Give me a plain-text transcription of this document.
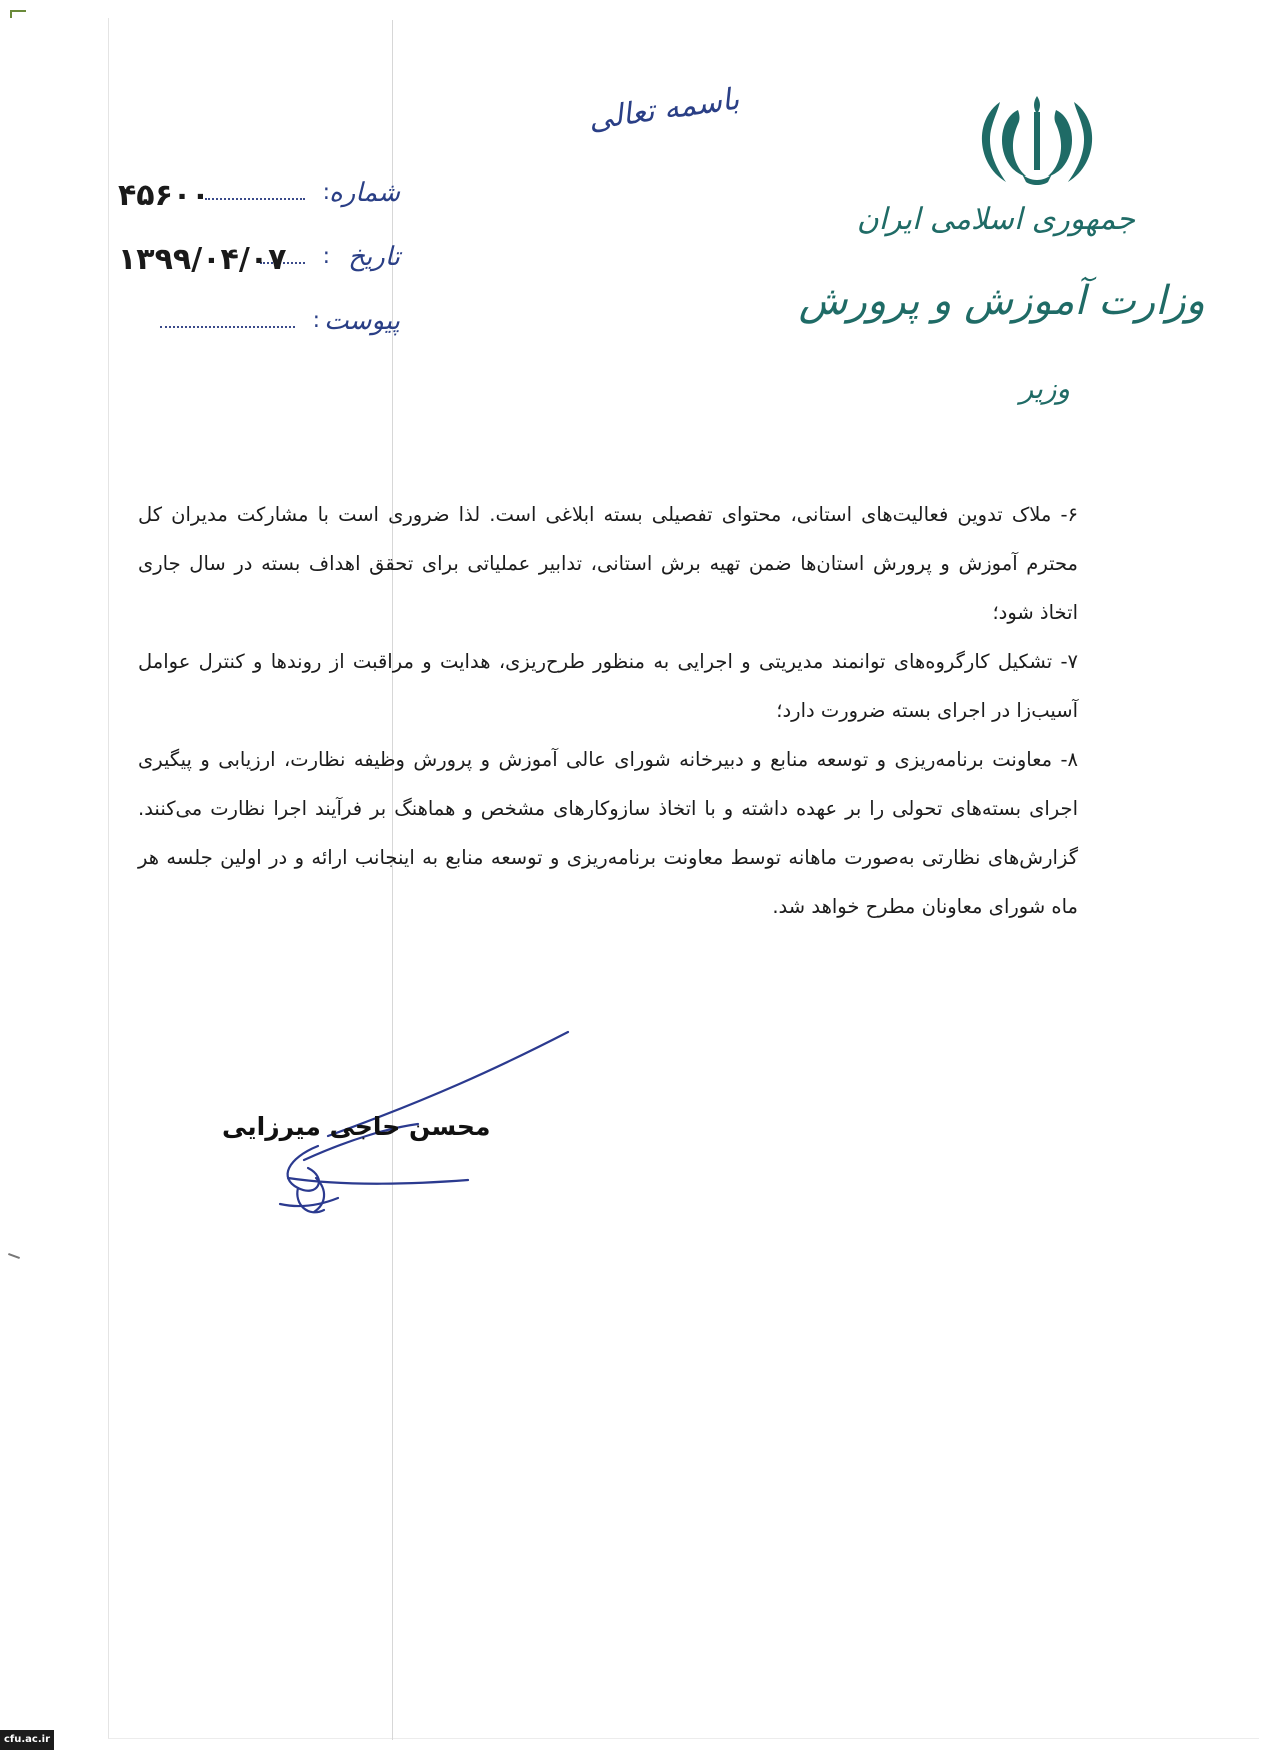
باسمه تعالی
جمهوری اسلامی ایران
وزارت آموزش و پرورش
وزیر
شماره
:
۴۵۶۰۰
تاریخ
:
۱۳۹۹/۰۴/۰۷
پیوست
:

۶- ملاک تدوین فعالیت‌های استانی، محتوای تفصیلی بسته ابلاغی است. لذا ضروری است با مشارکت مدیران کل محترم آموزش و پرورش استان‌ها ضمن تهیه برش استانی، تدابیر عملیاتی برای تحقق اهداف بسته در سال جاری اتخاذ شود؛

۷- تشکیل کارگروه‌های توانمند مدیریتی و اجرایی به منظور طرح‌ریزی، هدایت و مراقبت از روندها و کنترل عوامل آسیب‌زا در اجرای بسته ضرورت دارد؛

۸- معاونت برنامه‌ریزی و توسعه منابع و دبیرخانه شورای عالی آموزش و پرورش وظیفه نظارت، ارزیابی و پیگیری اجرای بسته‌های تحولی را بر عهده داشته و با اتخاذ سازوکارهای مشخص و هماهنگ بر فرآیند اجرا نظارت می‌کنند. گزارش‌های نظارتی به‌صورت ماهانه توسط معاونت برنامه‌ریزی و توسعه منابع به اینجانب ارائه و در اولین جلسه هر ماه شورای معاونان مطرح خواهد شد.

محسن حاجی میرزایی
cfu.ac.ir
